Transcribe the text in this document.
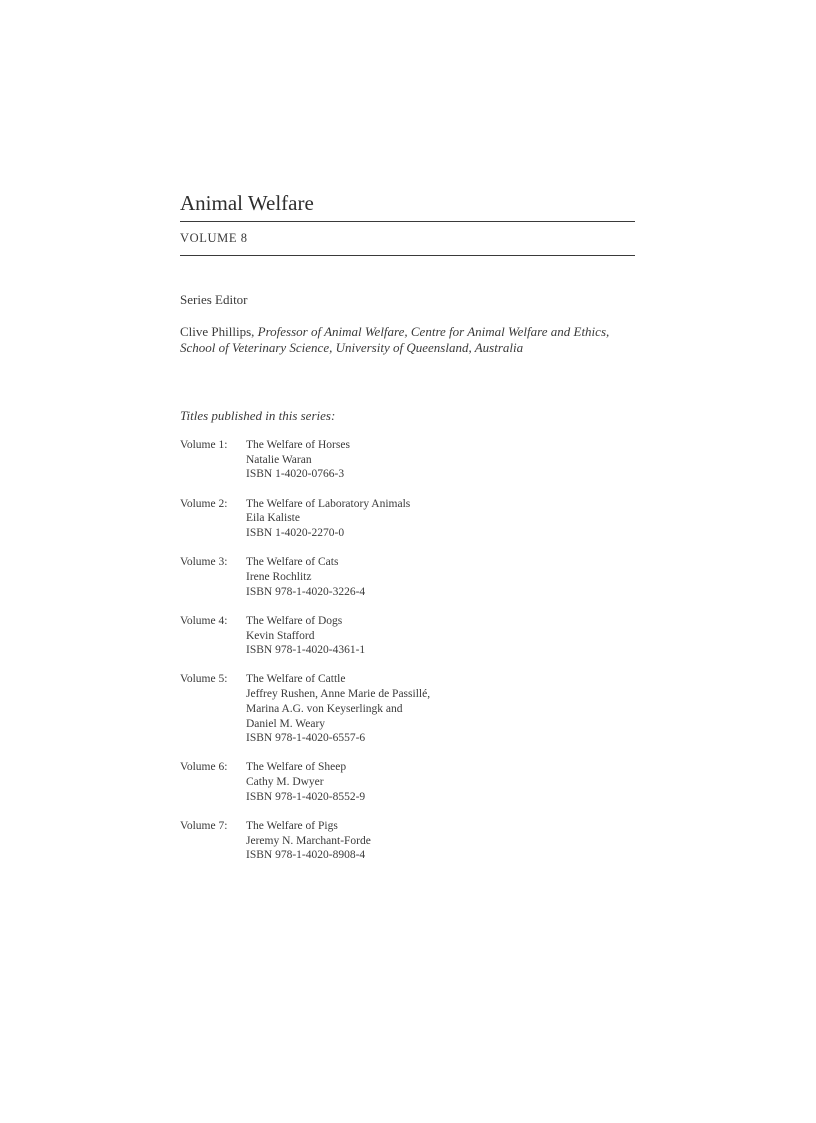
Animal Welfare
VOLUME 8
Series Editor
Clive Phillips, Professor of Animal Welfare, Centre for Animal Welfare and Ethics,
School of Veterinary Science, University of Queensland, Australia
Titles published in this series:
Volume 1:	The Welfare of Horses
Natalie Waran
ISBN 1-4020-0766-3
Volume 2:	The Welfare of Laboratory Animals
Eila Kaliste
ISBN 1-4020-2270-0
Volume 3:	The Welfare of Cats
Irene Rochlitz
ISBN 978-1-4020-3226-4
Volume 4:	The Welfare of Dogs
Kevin Stafford
ISBN 978-1-4020-4361-1
Volume 5:	The Welfare of Cattle
Jeffrey Rushen, Anne Marie de Passillé,
Marina A.G. von Keyserlingk and
Daniel M. Weary
ISBN 978-1-4020-6557-6
Volume 6:	The Welfare of Sheep
Cathy M. Dwyer
ISBN 978-1-4020-8552-9
Volume 7:	The Welfare of Pigs
Jeremy N. Marchant-Forde
ISBN 978-1-4020-8908-4
